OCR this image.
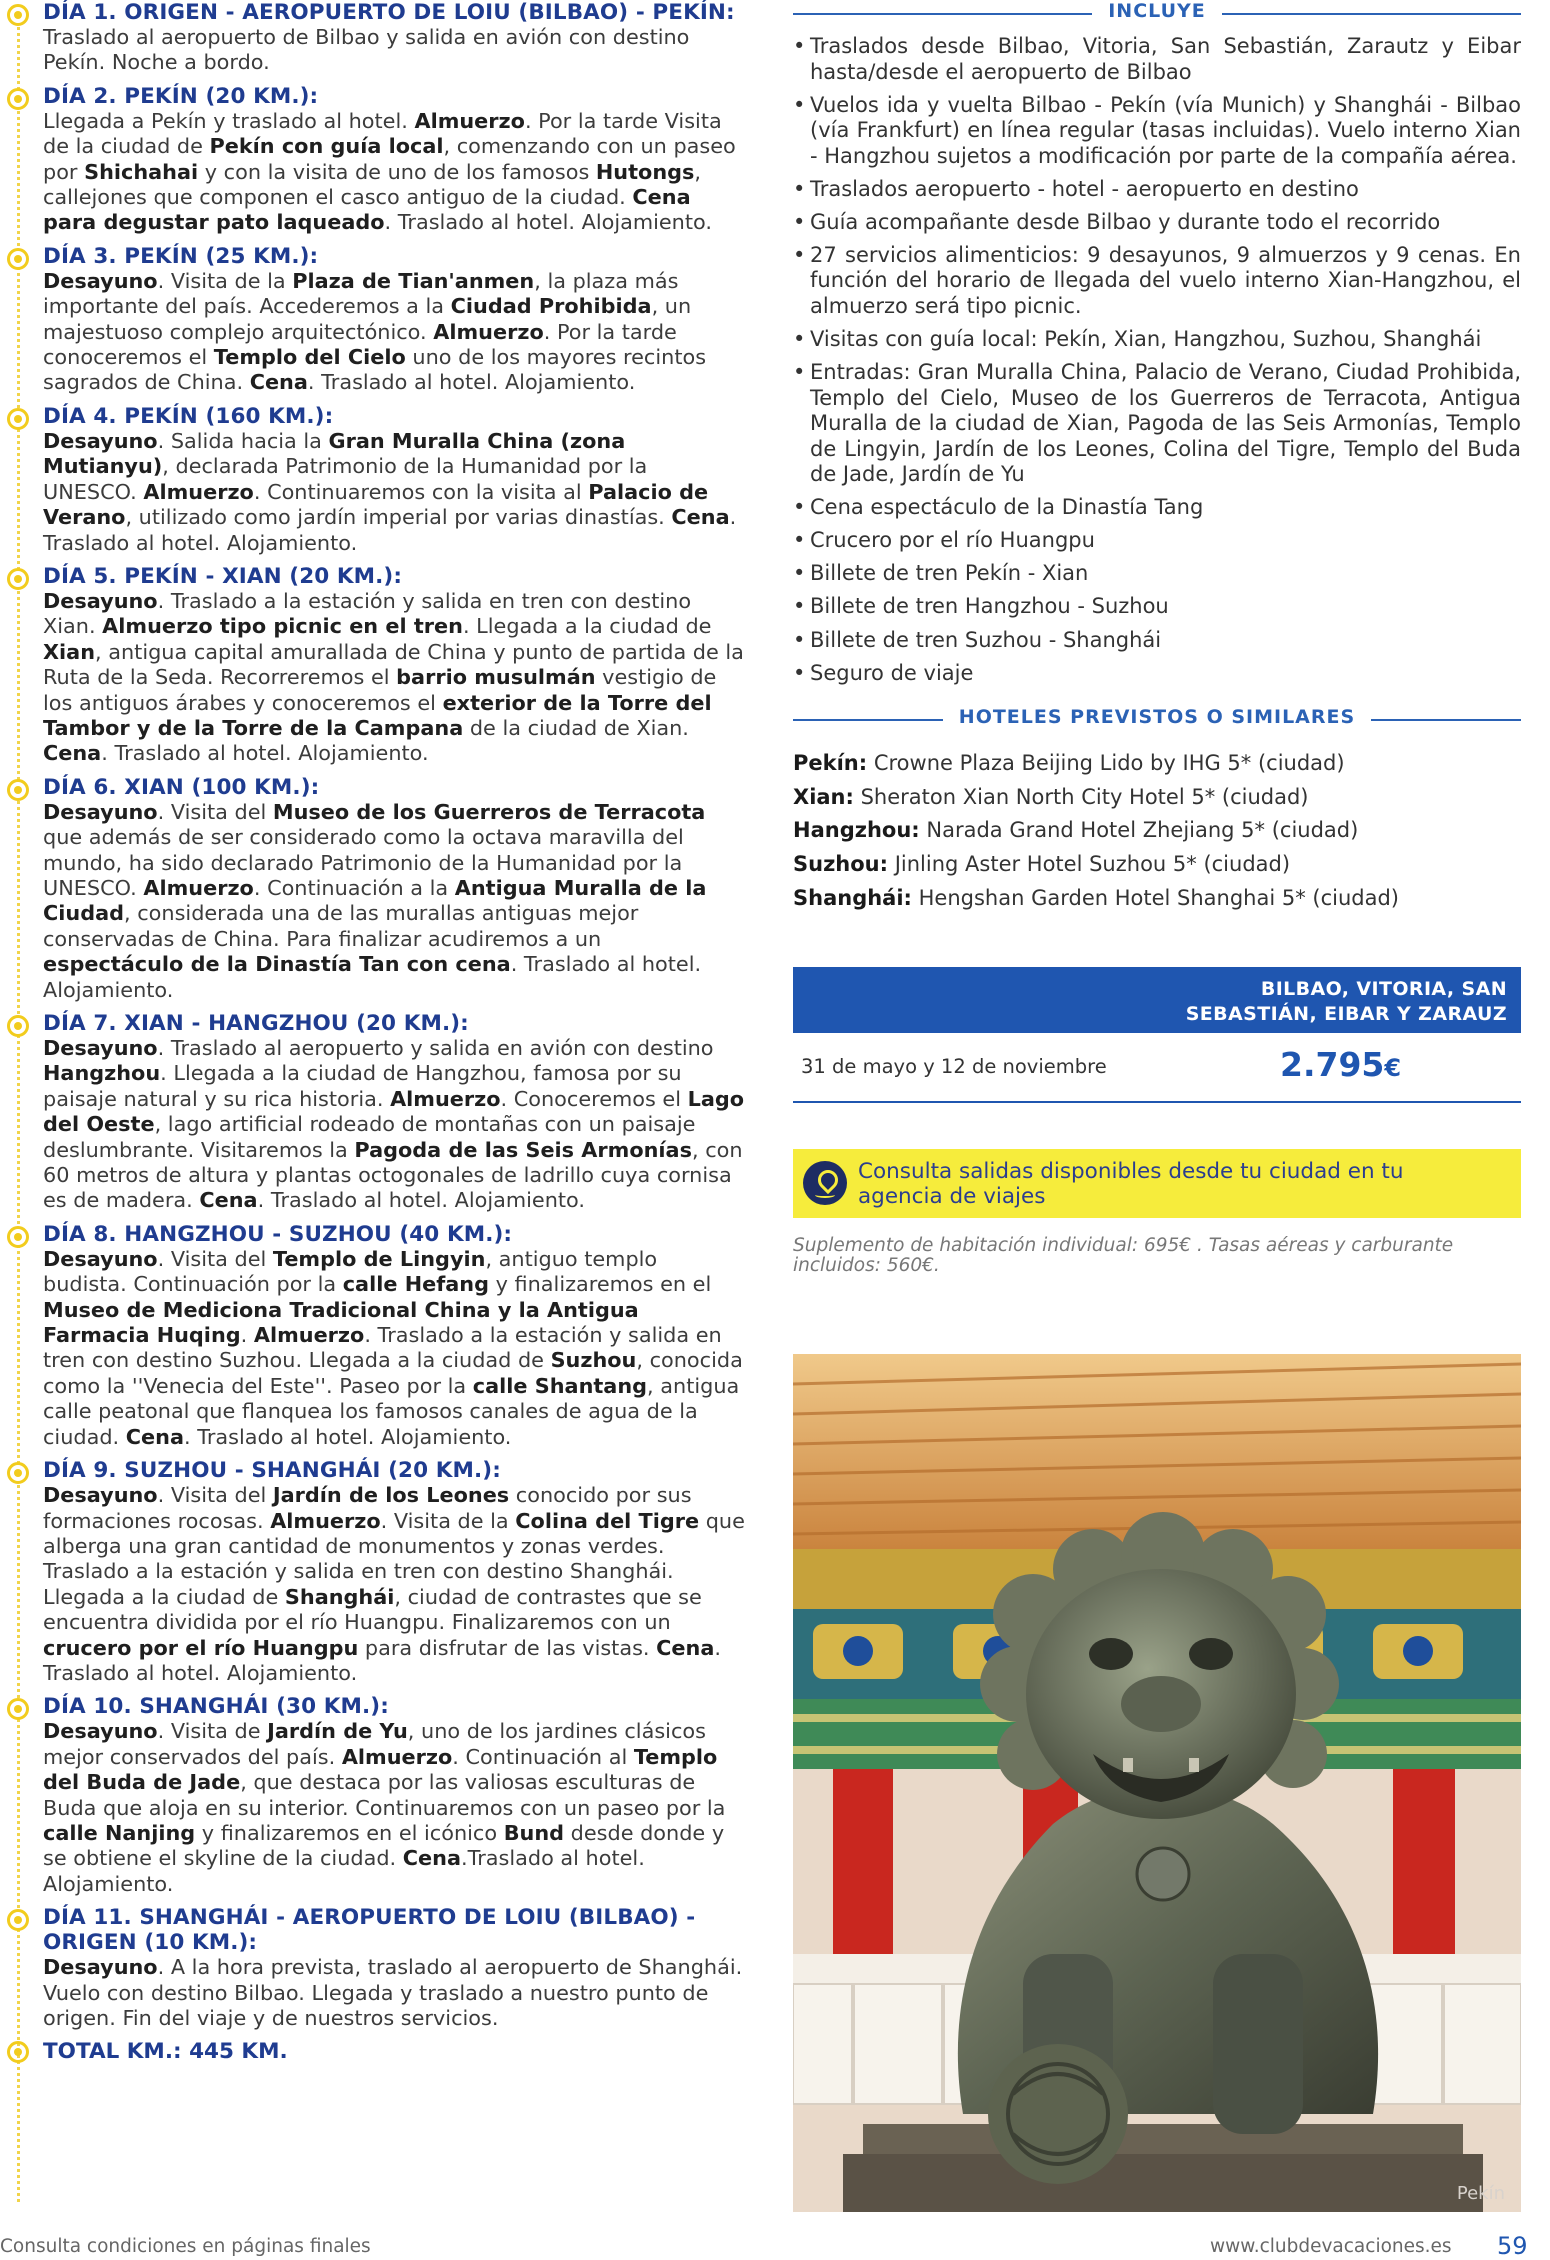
DÍA 1. ORIGEN - AEROPUERTO DE LOIU (BILBAO) - PEKÍN:
Traslado al aeropuerto de Bilbao y salida en avión con destino Pekín. Noche a bordo.
DÍA 2. PEKÍN (20 KM.):
Llegada a Pekín y traslado al hotel. Almuerzo. Por la tarde Visita de la ciudad de Pekín con guía local, comenzando con un paseo por Shichahai y con la visita de uno de los famosos Hutongs, callejones que componen el casco antiguo de la ciudad. Cena para degustar pato laqueado. Traslado al hotel. Alojamiento.
DÍA 3. PEKÍN (25 KM.):
Desayuno. Visita de la Plaza de Tian'anmen, la plaza más importante del país. Accederemos a la Ciudad Prohibida, un majestuoso complejo arquitectónico. Almuerzo. Por la tarde conoceremos el Templo del Cielo uno de los mayores recintos sagrados de China. Cena. Traslado al hotel. Alojamiento.
DÍA 4. PEKÍN (160 KM.):
Desayuno. Salida hacia la Gran Muralla China (zona Mutianyu), declarada Patrimonio de la Humanidad por la UNESCO. Almuerzo. Continuaremos con la visita al Palacio de Verano, utilizado como jardín imperial por varias dinastías. Cena. Traslado al hotel. Alojamiento.
DÍA 5. PEKÍN - XIAN (20 KM.):
Desayuno. Traslado a la estación y salida en tren con destino Xian. Almuerzo tipo picnic en el tren. Llegada a la ciudad de Xian, antigua capital amurallada de China y punto de partida de la Ruta de la Seda. Recorreremos el barrio musulmán vestigio de los antiguos árabes y conoceremos el exterior de la Torre del Tambor y de la Torre de la Campana de la ciudad de Xian. Cena. Traslado al hotel. Alojamiento.
DÍA 6. XIAN (100 KM.):
Desayuno. Visita del Museo de los Guerreros de Terracota que además de ser considerado como la octava maravilla del mundo, ha sido declarado Patrimonio de la Humanidad por la UNESCO. Almuerzo. Continuación a la Antigua Muralla de la Ciudad, considerada una de las murallas antiguas mejor conservadas de China. Para finalizar acudiremos a un espectáculo de la Dinastía Tan con cena. Traslado al hotel. Alojamiento.
DÍA 7. XIAN - HANGZHOU (20 KM.):
Desayuno. Traslado al aeropuerto y salida en avión con destino Hangzhou. Llegada a la ciudad de Hangzhou, famosa por su paisaje natural y su rica historia. Almuerzo. Conoceremos el Lago del Oeste, lago artificial rodeado de montañas con un paisaje deslumbrante. Visitaremos la Pagoda de las Seis Armonías, con 60 metros de altura y plantas octogonales de ladrillo cuya cornisa es de madera. Cena. Traslado al hotel. Alojamiento.
DÍA 8. HANGZHOU - SUZHOU (40 KM.):
Desayuno. Visita del Templo de Lingyin, antiguo templo budista. Continuación por la calle Hefang y finalizaremos en el Museo de Mediciona Tradicional China y la Antigua Farmacia Huqing. Almuerzo. Traslado a la estación y salida en tren con destino Suzhou. Llegada a la ciudad de Suzhou, conocida como la ''Venecia del Este''. Paseo por la calle Shantang, antigua calle peatonal que flanquea los famosos canales de agua de la ciudad. Cena. Traslado al hotel. Alojamiento.
DÍA 9. SUZHOU - SHANGHÁI (20 KM.):
Desayuno. Visita del Jardín de los Leones conocido por sus formaciones rocosas. Almuerzo. Visita de la Colina del Tigre que alberga una gran cantidad de monumentos y zonas verdes. Traslado a la estación y salida en tren con destino Shanghái. Llegada a la ciudad de Shanghái, ciudad de contrastes que se encuentra dividida por el río Huangpu. Finalizaremos con un crucero por el río Huangpu para disfrutar de las vistas. Cena. Traslado al hotel. Alojamiento.
DÍA 10. SHANGHÁI (30 KM.):
Desayuno. Visita de Jardín de Yu, uno de los jardines clásicos mejor conservados del país. Almuerzo. Continuación al Templo del Buda de Jade, que destaca por las valiosas esculturas de Buda que aloja en su interior. Continuaremos con un paseo por la calle Nanjing y finalizaremos en el icónico Bund desde donde y se obtiene el skyline de la ciudad. Cena.Traslado al hotel. Alojamiento.
DÍA 11. SHANGHÁI - AEROPUERTO DE LOIU (BILBAO) - ORIGEN (10 KM.):
Desayuno. A la hora prevista, traslado al aeropuerto de Shanghái. Vuelo con destino Bilbao. Llegada y traslado a nuestro punto de origen. Fin del viaje y de nuestros servicios.
TOTAL KM.: 445 KM.
INCLUYE
• Traslados desde Bilbao, Vitoria, San Sebastián, Zarautz y Eibar hasta/desde el aeropuerto de Bilbao
• Vuelos ida y vuelta Bilbao - Pekín (vía Munich) y Shanghái - Bilbao (vía Frankfurt) en línea regular (tasas incluidas). Vuelo interno Xian - Hangzhou sujetos a modificación por parte de la compañía aérea.
• Traslados aeropuerto - hotel - aeropuerto en destino
• Guía acompañante desde Bilbao y durante todo el recorrido
• 27 servicios alimenticios: 9 desayunos, 9 almuerzos y 9 cenas. En función del horario de llegada del vuelo interno Xian-Hangzhou, el almuerzo será tipo picnic.
• Visitas con guía local: Pekín, Xian, Hangzhou, Suzhou, Shanghái
• Entradas: Gran Muralla China, Palacio de Verano, Ciudad Prohibida, Templo del Cielo, Museo de los Guerreros de Terracota, Antigua Muralla de la ciudad de Xian, Pagoda de las Seis Armonías, Templo de Lingyin, Jardín de los Leones, Colina del Tigre, Templo del Buda de Jade, Jardín de Yu
• Cena espectáculo de la Dinastía Tang
• Crucero por el río Huangpu
• Billete de tren Pekín - Xian
• Billete de tren Hangzhou - Suzhou
• Billete de tren Suzhou - Shanghái
• Seguro de viaje
HOTELES PREVISTOS O SIMILARES
Pekín: Crowne Plaza Beijing Lido by IHG 5* (ciudad)
Xian: Sheraton Xian North City Hotel 5* (ciudad)
Hangzhou: Narada Grand Hotel Zhejiang 5* (ciudad)
Suzhou: Jinling Aster Hotel Suzhou 5* (ciudad)
Shanghái: Hengshan Garden Hotel Shanghai 5* (ciudad)
BILBAO, VITORIA, SAN
SEBASTIÁN, EIBAR Y ZARAUZ
31 de mayo y 12 de noviembre	2.795€
Consulta salidas disponibles desde tu ciudad en tu agencia de viajes
Suplemento de habitación individual: 695€ . Tasas aéreas y carburante incluidos: 560€.
Pekín
Consulta condiciones en páginas finales	www.clubdevacaciones.es 59
